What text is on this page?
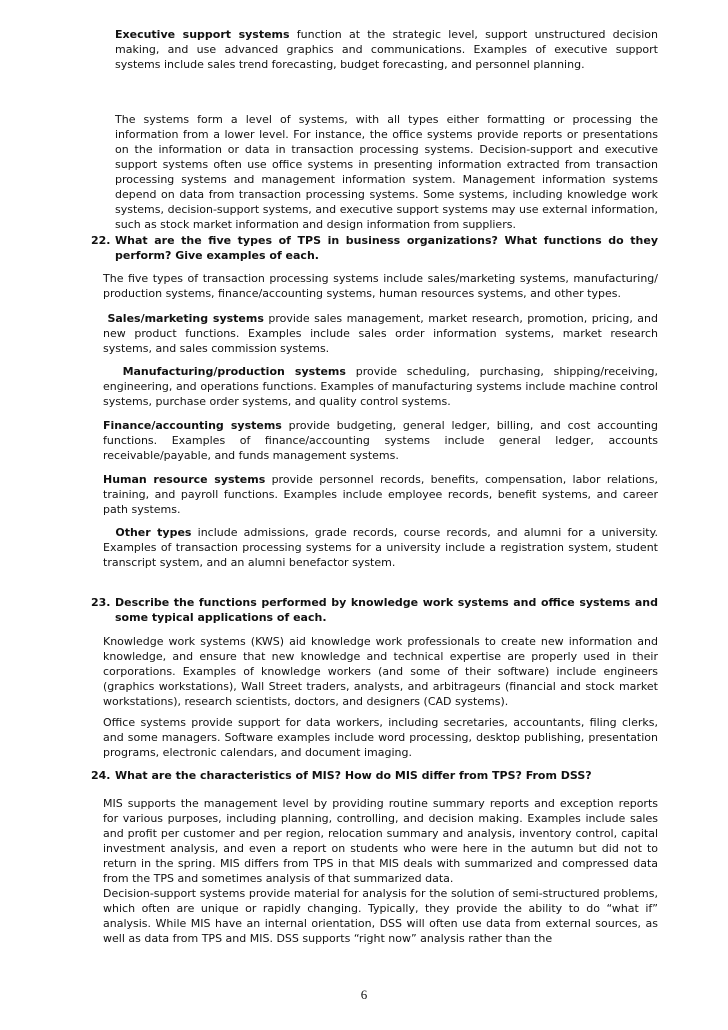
Executive support systems function at the strategic level, support unstructured decision making, and use advanced graphics and communications. Examples of executive support systems include sales trend forecasting, budget forecasting, and personnel planning.

The systems form a level of systems, with all types either formatting or processing the information from a lower level. For instance, the office systems provide reports or presentations on the information or data in transaction processing systems. Decision-support and executive support systems often use office systems in presenting information extracted from transaction processing systems and management information system. Management information systems depend on data from transaction processing systems. Some systems, including knowledge work systems, decision-support systems, and executive support systems may use external information, such as stock market information and design information from suppliers.

22. What are the five types of TPS in business organizations? What functions do they perform? Give examples of each.

The five types of transaction processing systems include sales/marketing systems, manufacturing/ production systems, finance/accounting systems, human resources systems, and other types.

Sales/marketing systems provide sales management, market research, promotion, pricing, and new product functions. Examples include sales order information systems, market research systems, and sales commission systems.

Manufacturing/production systems provide scheduling, purchasing, shipping/receiving, engineering, and operations functions. Examples of manufacturing systems include machine control systems, purchase order systems, and quality control systems.

Finance/accounting systems provide budgeting, general ledger, billing, and cost accounting functions. Examples of finance/accounting systems include general ledger, accounts receivable/payable, and funds management systems.

Human resource systems provide personnel records, benefits, compensation, labor relations, training, and payroll functions. Examples include employee records, benefit systems, and career path systems.

Other types include admissions, grade records, course records, and alumni for a university. Examples of transaction processing systems for a university include a registration system, student transcript system, and an alumni benefactor system.

23. Describe the functions performed by knowledge work systems and office systems and some typical applications of each.

Knowledge work systems (KWS) aid knowledge work professionals to create new information and knowledge, and ensure that new knowledge and technical expertise are properly used in their corporations. Examples of knowledge workers (and some of their software) include engineers (graphics workstations), Wall Street traders, analysts, and arbitrageurs (financial and stock market workstations), research scientists, doctors, and designers (CAD systems).

Office systems provide support for data workers, including secretaries, accountants, filing clerks, and some managers. Software examples include word processing, desktop publishing, presentation programs, electronic calendars, and document imaging.

24. What are the characteristics of MIS? How do MIS differ from TPS? From DSS?

MIS supports the management level by providing routine summary reports and exception reports for various purposes, including planning, controlling, and decision making. Examples include sales and profit per customer and per region, relocation summary and analysis, inventory control, capital investment analysis, and even a report on students who were here in the autumn but did not to return in the spring. MIS differs from TPS in that MIS deals with summarized and compressed data from the TPS and sometimes analysis of that summarized data.

Decision-support systems provide material for analysis for the solution of semi-structured problems, which often are unique or rapidly changing. Typically, they provide the ability to do “what if” analysis. While MIS have an internal orientation, DSS will often use data from external sources, as well as data from TPS and MIS. DSS supports “right now” analysis rather than the

6
